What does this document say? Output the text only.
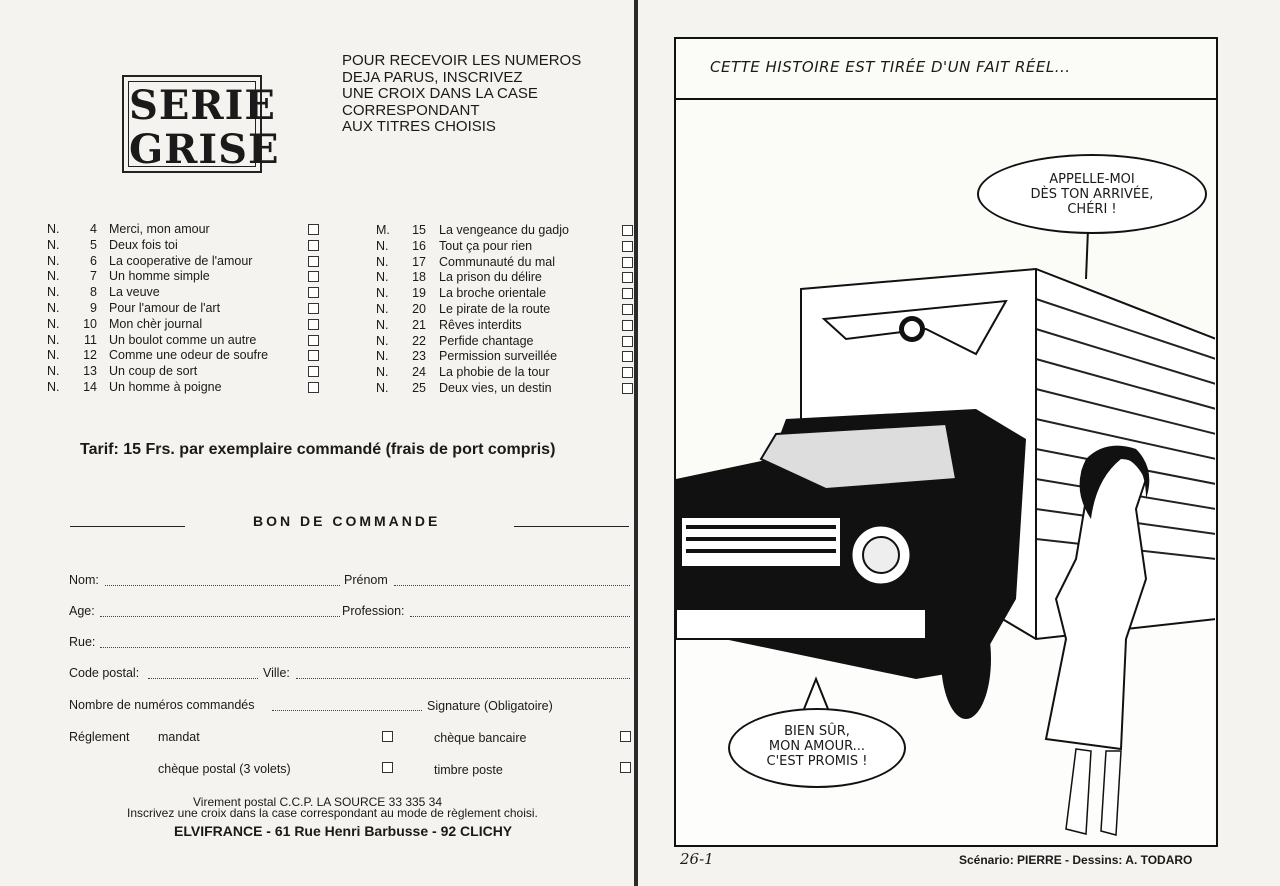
SERIE
GRISE
POUR RECEVOIR LES NUMEROS
DEJA PARUS, INSCRIVEZ
UNE CROIX DANS LA CASE
CORRESPONDANT
AUX TITRES CHOISIS
N.	4 Merci, mon amour
N.	5 Deux fois toi
N.	6 La cooperative de l'amour
N.	7 Un homme simple
N.	8 La veuve
N.	9 Pour l'amour de l'art
N.	10 Mon chèr journal
N.	11 Un boulot comme un autre
N.	12 Comme une odeur de soufre
N.	13 Un coup de sort
N.	14 Un homme à poigne
M.	15 La vengeance du gadjo
N.	16 Tout ça pour rien
N.	17 Communauté du mal
N.	18 La prison du délire
N.	19 La broche orientale
N.	20 Le pirate de la route
N.	21 Rêves interdits
N.	22 Perfide chantage
N.	23 Permission surveillée
N.	24 La phobie de la tour
N.	25 Deux vies, un destin
Tarif: 15 Frs. par exemplaire commandé (frais de port compris)
BON DE COMMANDE
Nom:	Prénom
Age:	Profession:
Rue:
Code postal:	Ville:
Nombre de numéros commandés	Signature (Obligatoire)
Réglement mandat	chèque bancaire
chèque postal (3 volets)	timbre poste
Virement postal C.C.P. LA SOURCE 33 335 34
Inscrivez une croix dans la case correspondant au mode de règlement choisi.
ELVIFRANCE - 61 Rue Henri Barbusse - 92 CLICHY
CETTE HISTOIRE EST TIRÉE D'UN FAIT RÉEL...
APPELLE-MOI
DÈS TON ARRIVÉE,
CHÉRI !
BIEN SÛR,
MON AMOUR...
C'EST PROMIS !
26-1	Scénario: PIERRE - Dessins: A. TODARO
